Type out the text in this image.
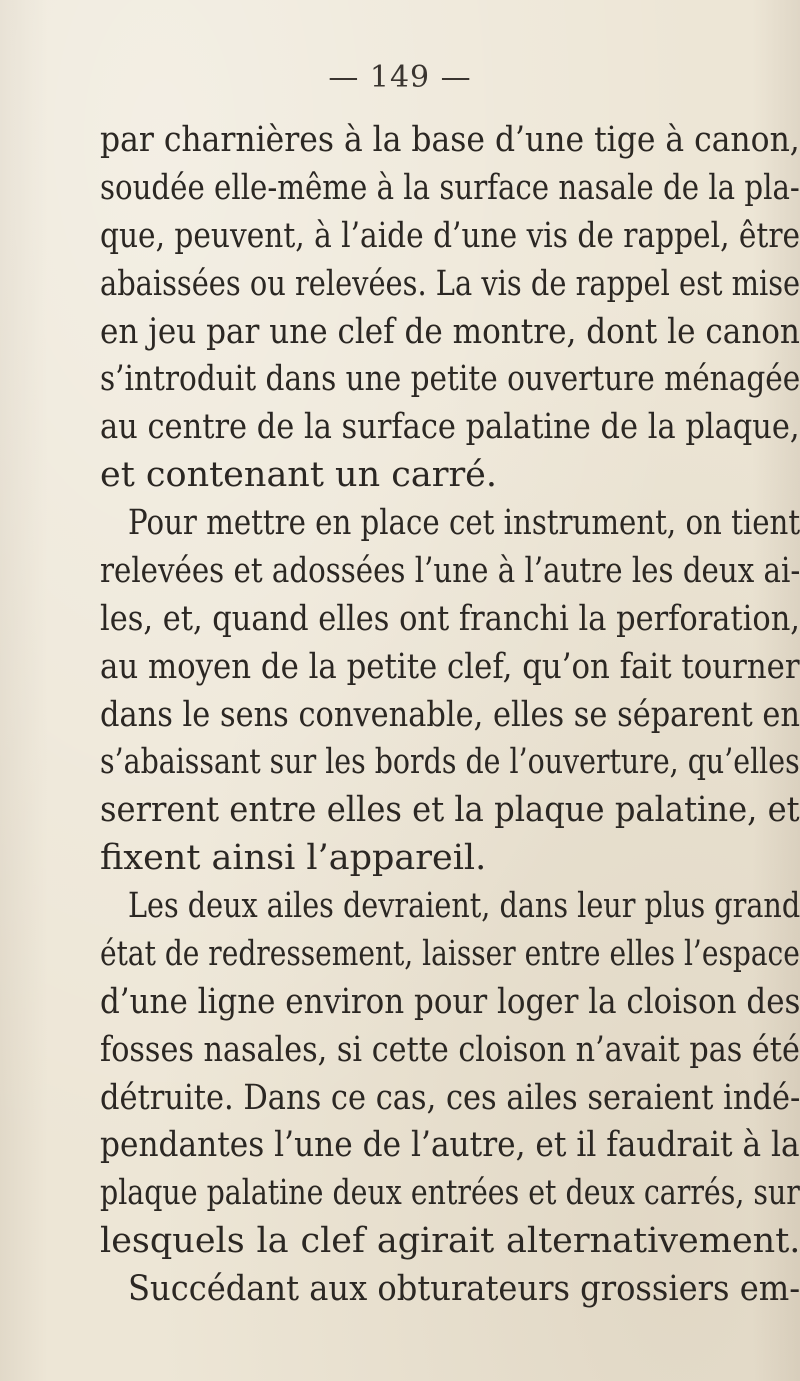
— 149 —
par charnières à la base d’une tige à canon,
soudée elle-même à la surface nasale de la pla-
que, peuvent, à l’aide d’une vis de rappel, être
abaissées ou relevées. La vis de rappel est mise
en jeu par une clef de montre, dont le canon
s’introduit dans une petite ouverture ménagée
au centre de la surface palatine de la plaque,
et contenant un carré.
Pour mettre en place cet instrument, on tient
relevées et adossées l’une à l’autre les deux ai-
les, et, quand elles ont franchi la perforation,
au moyen de la petite clef, qu’on fait tourner
dans le sens convenable, elles se séparent en
s’abaissant sur les bords de l’ouverture, qu’elles
serrent entre elles et la plaque palatine, et
fixent ainsi l’appareil.
Les deux ailes devraient, dans leur plus grand
état de redressement, laisser entre elles l’espace
d’une ligne environ pour loger la cloison des
fosses nasales, si cette cloison n’avait pas été
détruite. Dans ce cas, ces ailes seraient indé-
pendantes l’une de l’autre, et il faudrait à la
plaque palatine deux entrées et deux carrés, sur
lesquels la clef agirait alternativement.
Succédant aux obturateurs grossiers em-
